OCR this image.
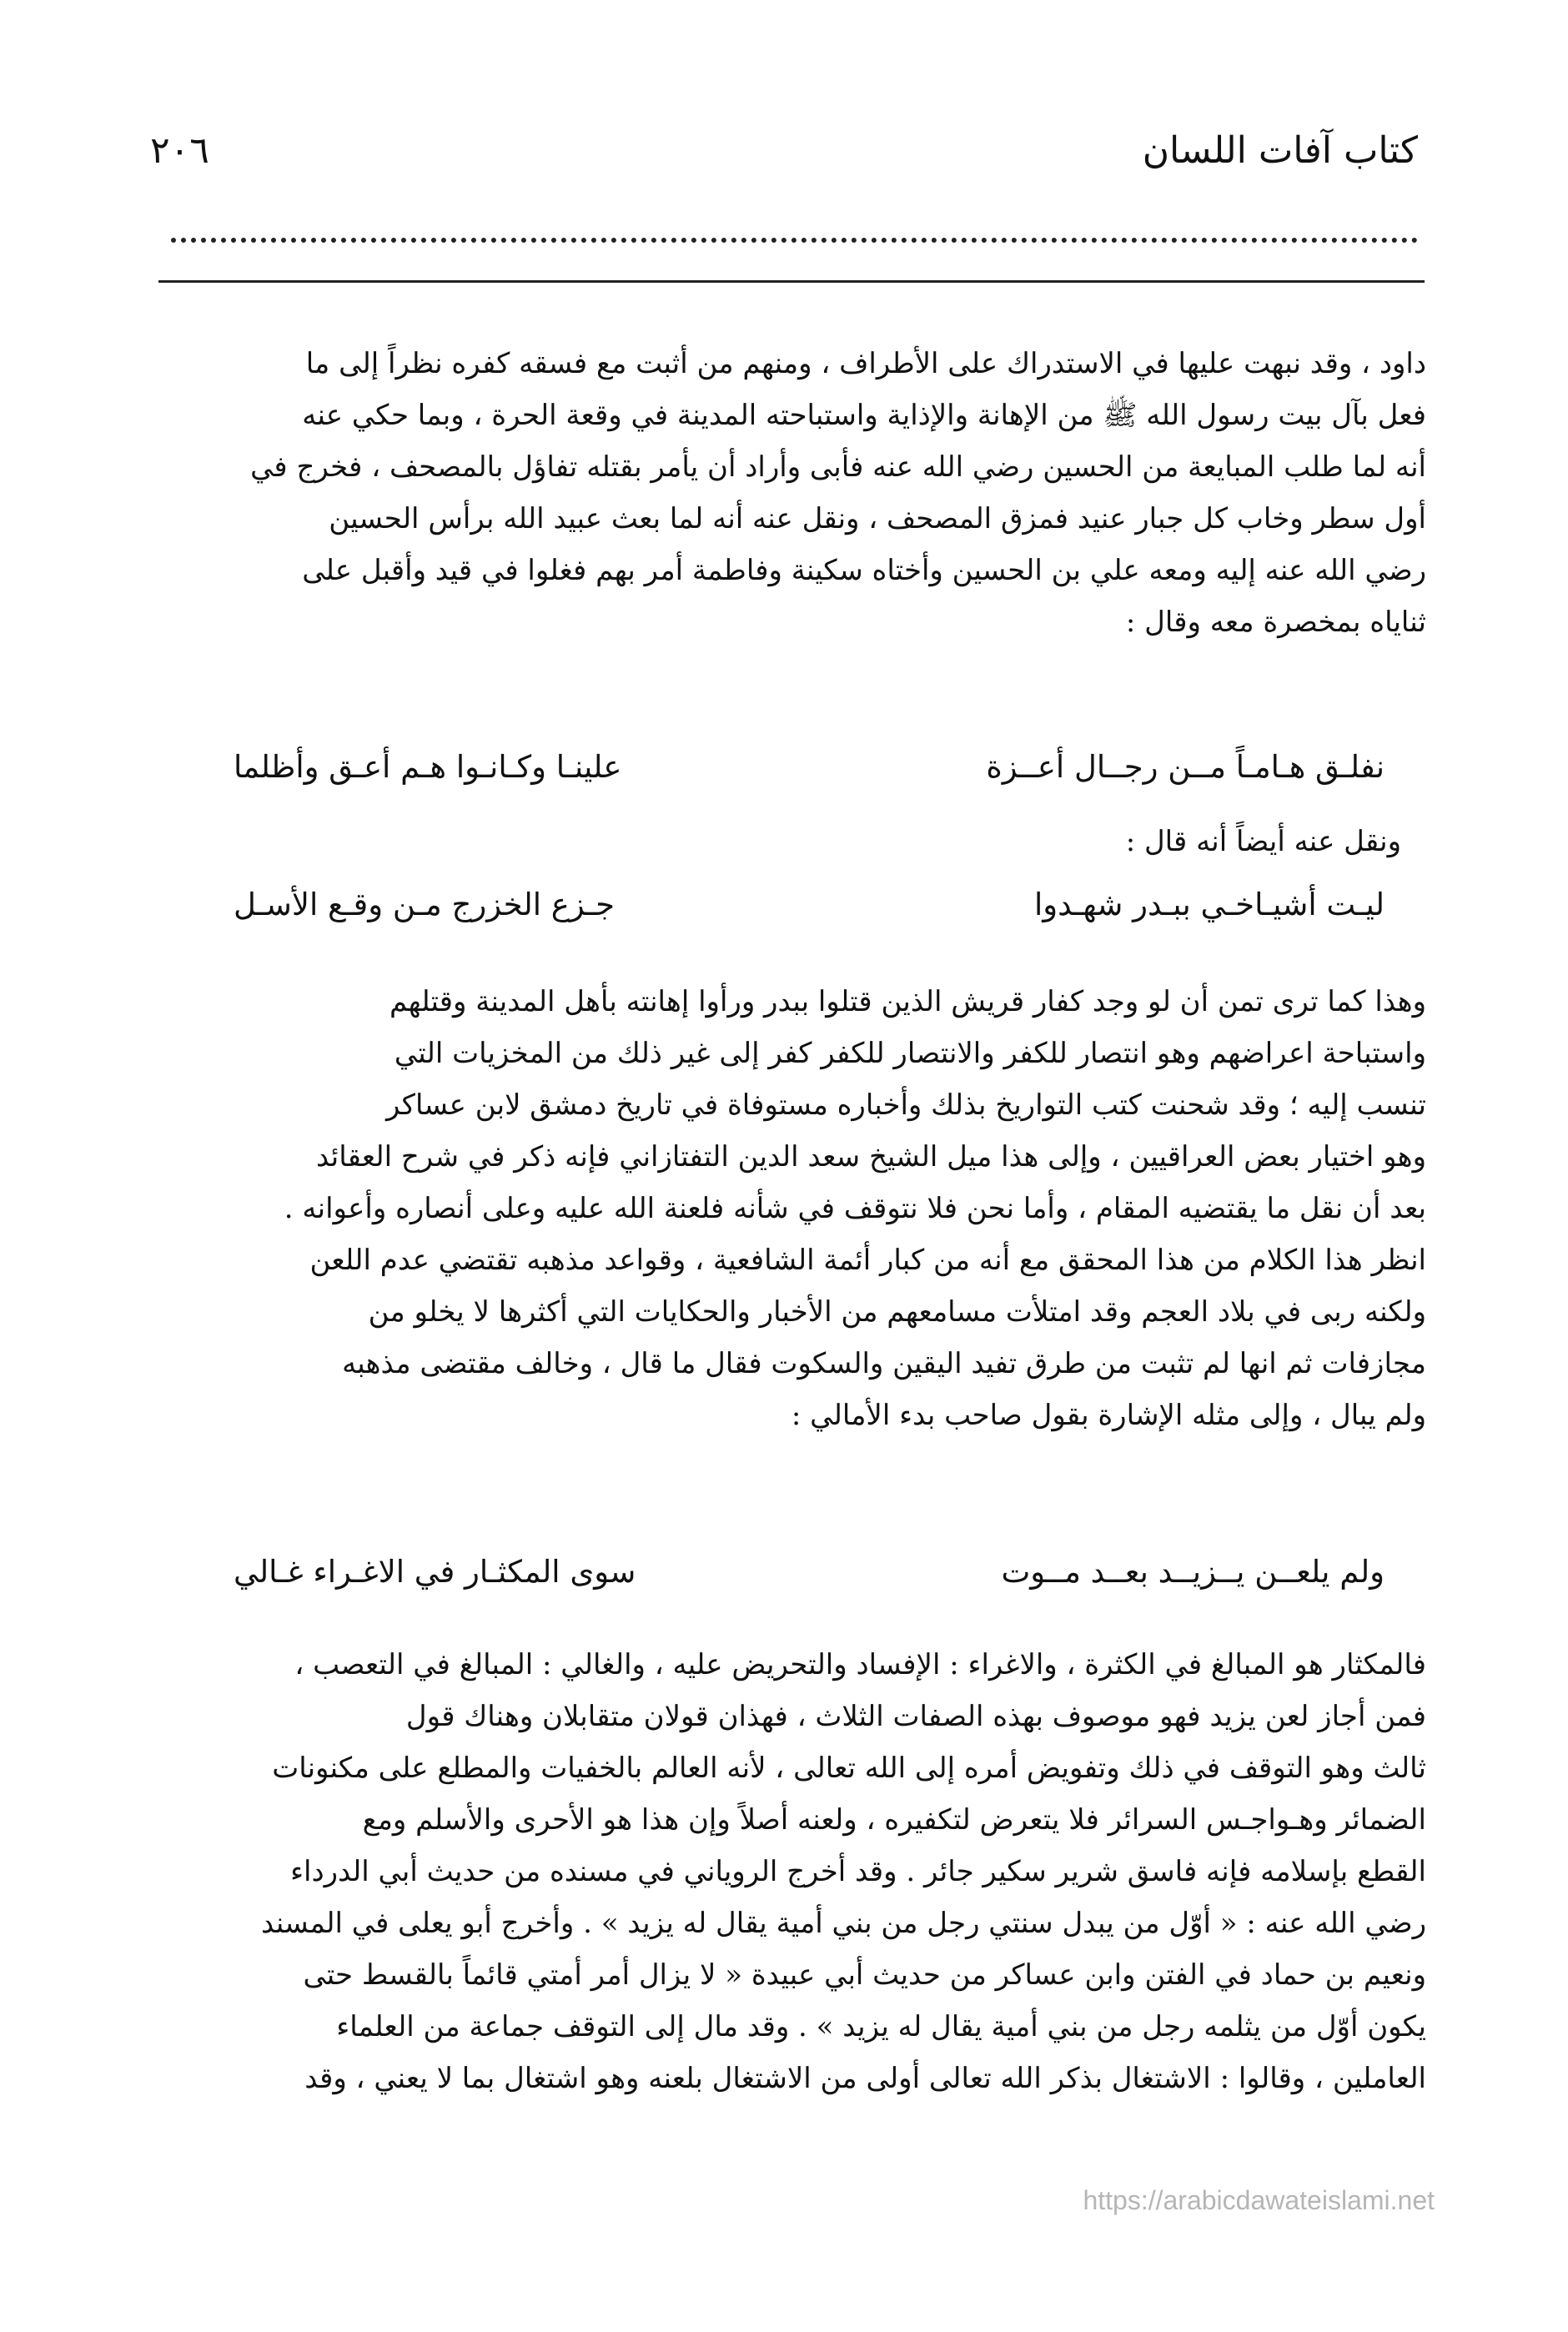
كتاب آفات اللسان
٢٠٦
داود ، وقد نبهت عليها في الاستدراك على الأطراف ، ومنهم من أثبت مع فسقه كفره نظراً إلى ما
فعل بآل بيت رسول الله ﷺ من الإهانة والإذاية واستباحته المدينة في وقعة الحرة ، وبما حكي عنه
أنه لما طلب المبايعة من الحسين رضي الله عنه فأبى وأراد أن يأمر بقتله تفاؤل بالمصحف ، فخرج في
أول سطر وخاب كل جبار عنيد فمزق المصحف ، ونقل عنه أنه لما بعث عبيد الله برأس الحسين
رضي الله عنه إليه ومعه علي بن الحسين وأختاه سكينة وفاطمة أمر بهم فغلوا في قيد وأقبل على
ثناياه بمخصرة معه وقال :
نفلـق هـامـاً مــن رجــال أعــزة
علينـا وكـانـوا هـم أعـق وأظلما
ونقل عنه أيضاً أنه قال :
ليـت أشيـاخـي ببـدر شهـدوا
جـزع الخزرج مـن وقـع الأسـل
وهذا كما ترى تمن أن لو وجد كفار قريش الذين قتلوا ببدر ورأوا إهانته بأهل المدينة وقتلهم
واستباحة اعراضهم وهو انتصار للكفر والانتصار للكفر كفر إلى غير ذلك من المخزيات التي
تنسب إليه ؛ وقد شحنت كتب التواريخ بذلك وأخباره مستوفاة في تاريخ دمشق لابن عساكر
وهو اختيار بعض العراقيين ، وإلى هذا ميل الشيخ سعد الدين التفتازاني فإنه ذكر في شرح العقائد
بعد أن نقل ما يقتضيه المقام ، وأما نحن فلا نتوقف في شأنه فلعنة الله عليه وعلى أنصاره وأعوانه .
انظر هذا الكلام من هذا المحقق مع أنه من كبار أئمة الشافعية ، وقواعد مذهبه تقتضي عدم اللعن
ولكنه ربى في بلاد العجم وقد امتلأت مسامعهم من الأخبار والحكايات التي أكثرها لا يخلو من
مجازفات ثم انها لم تثبت من طرق تفيد اليقين والسكوت فقال ما قال ، وخالف مقتضى مذهبه
ولم يبال ، وإلى مثله الإشارة بقول صاحب بدء الأمالي :
ولم يلعــن يــزيــد بعــد مــوت
سوى المكثـار في الاغـراء غـالي
فالمكثار هو المبالغ في الكثرة ، والاغراء : الإفساد والتحريض عليه ، والغالي : المبالغ في التعصب ،
فمن أجاز لعن يزيد فهو موصوف بهذه الصفات الثلاث ، فهذان قولان متقابلان وهناك قول
ثالث وهو التوقف في ذلك وتفويض أمره إلى الله تعالى ، لأنه العالم بالخفيات والمطلع على مكنونات
الضمائر وهـواجـس السرائر فلا يتعرض لتكفيره ، ولعنه أصلاً وإن هذا هو الأحرى والأسلم ومع
القطع بإسلامه فإنه فاسق شرير سكير جائر . وقد أخرج الروياني في مسنده من حديث أبي الدرداء
رضي الله عنه : « أوّل من يبدل سنتي رجل من بني أمية يقال له يزيد » . وأخرج أبو يعلى في المسند
ونعيم بن حماد في الفتن وابن عساكر من حديث أبي عبيدة « لا يزال أمر أمتي قائماً بالقسط حتى
يكون أوّل من يثلمه رجل من بني أمية يقال له يزيد » . وقد مال إلى التوقف جماعة من العلماء
العاملين ، وقالوا : الاشتغال بذكر الله تعالى أولى من الاشتغال بلعنه وهو اشتغال بما لا يعني ، وقد
https://arabicdawateislami.net
